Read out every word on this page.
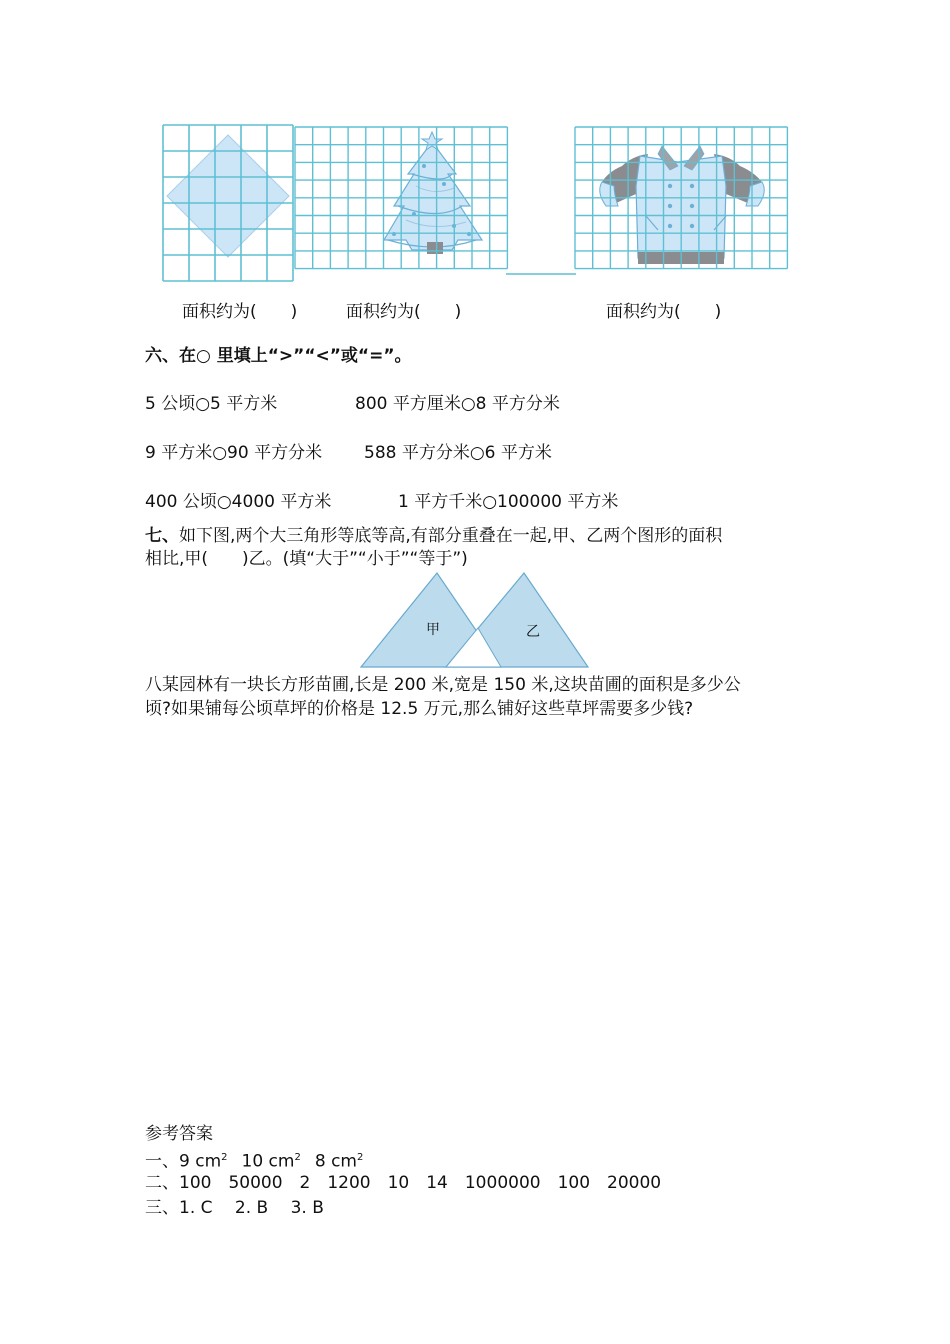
面积约为(　　)	面积约为(　　)	面积约为(　　)
六、在○ 里填上“>”“<”或“=”。
5 公顷○5 平方米	800 平方厘米○8 平方分米
9 平方米○90 平方分米 588 平方分米○6 平方米
400 公顷○4000 平方米	1 平方千米○100000 平方米
七、如下图,两个大三角形等底等高,有部分重叠在一起,甲、乙两个图形的面积
相比,甲(　　)乙。(填“大于”“小于”“等于”)
甲	乙
八某园林有一块长方形苗圃,长是 200 米,宽是 150 米,这块苗圃的面积是多少公
顷?如果铺每公顷草坪的价格是 12.5 万元,那么铺好这些草坪需要多少钱?
参考答案
一、9 $cm^2$ 10 $cm^2$ 8 $cm^2$
二、100　50000　2　1200　10　14　1000000　100　20000
三、1. C　 2. B　 3. B
